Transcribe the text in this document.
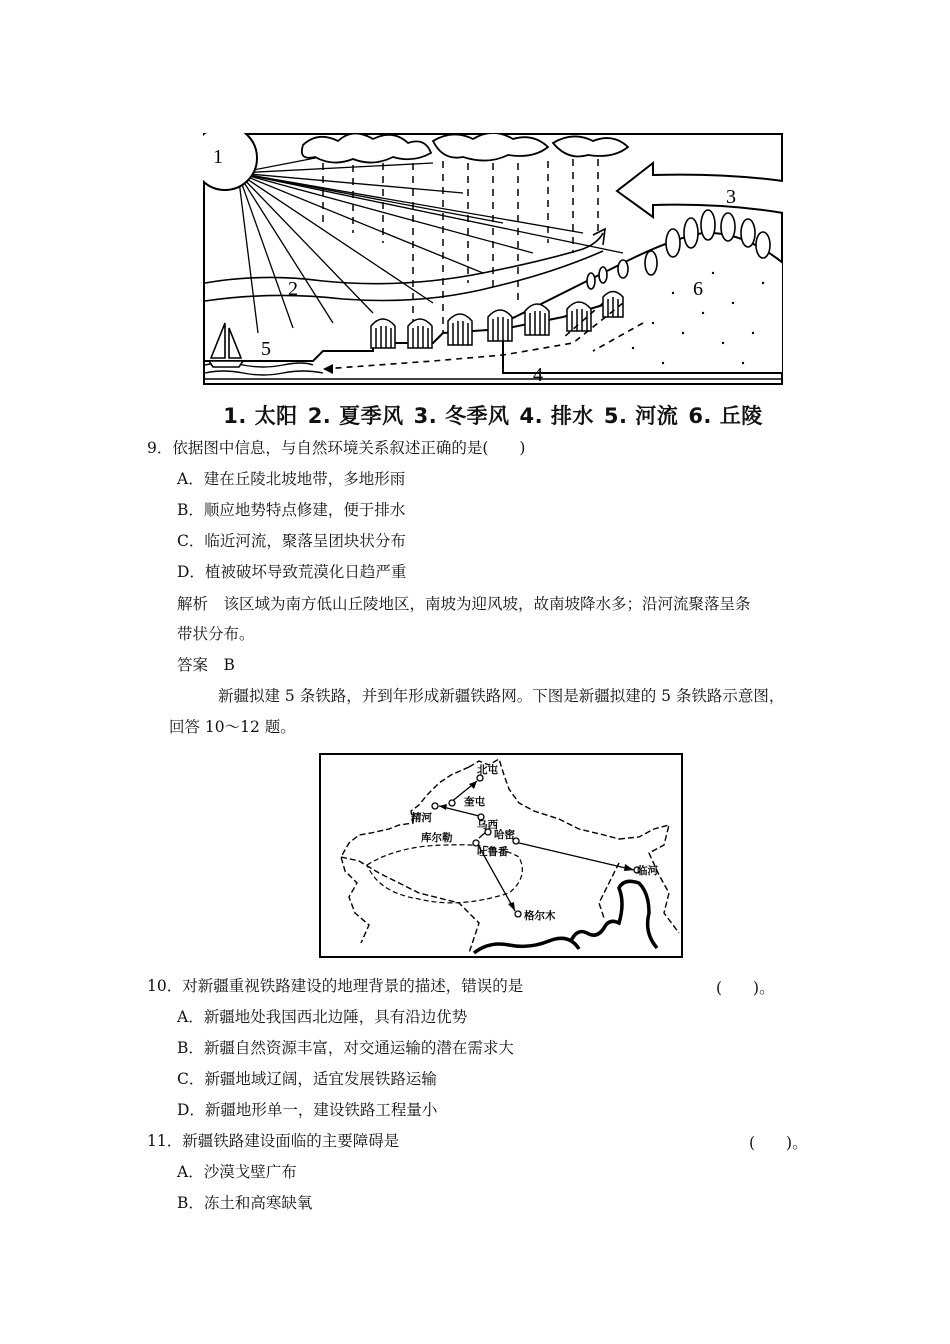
1
2
3
6
4
5
1. 太阳 2. 夏季风 3. 冬季风 4. 排水 5. 河流 6. 丘陵
9．依据图中信息，与自然环境关系叙述正确的是(　　)
A．建在丘陵北坡地带，多地形雨
B．顺应地势特点修建，便于排水
C．临近河流，聚落呈团块状分布
D．植被破坏导致荒漠化日趋严重
解析　该区域为南方低山丘陵地区，南坡为迎风坡，故南坡降水多；沿河流聚落呈条
带状分布。
答案　B
新疆拟建 5 条铁路，并到年形成新疆铁路网。下图是新疆拟建的 5 条铁路示意图，
回答 10～12 题。
北屯
奎屯
乌西
精河
库尔勒	哈密
吐鲁番
临河
格尔木
10．对新疆重视铁路建设的地理背景的描述，错误的是	(　　)。
A．新疆地处我国西北边陲，具有沿边优势
B．新疆自然资源丰富，对交通运输的潜在需求大
C．新疆地域辽阔，适宜发展铁路运输
D．新疆地形单一，建设铁路工程量小
11．新疆铁路建设面临的主要障碍是	(　　)。
A．沙漠戈壁广布
B．冻土和高寒缺氧
